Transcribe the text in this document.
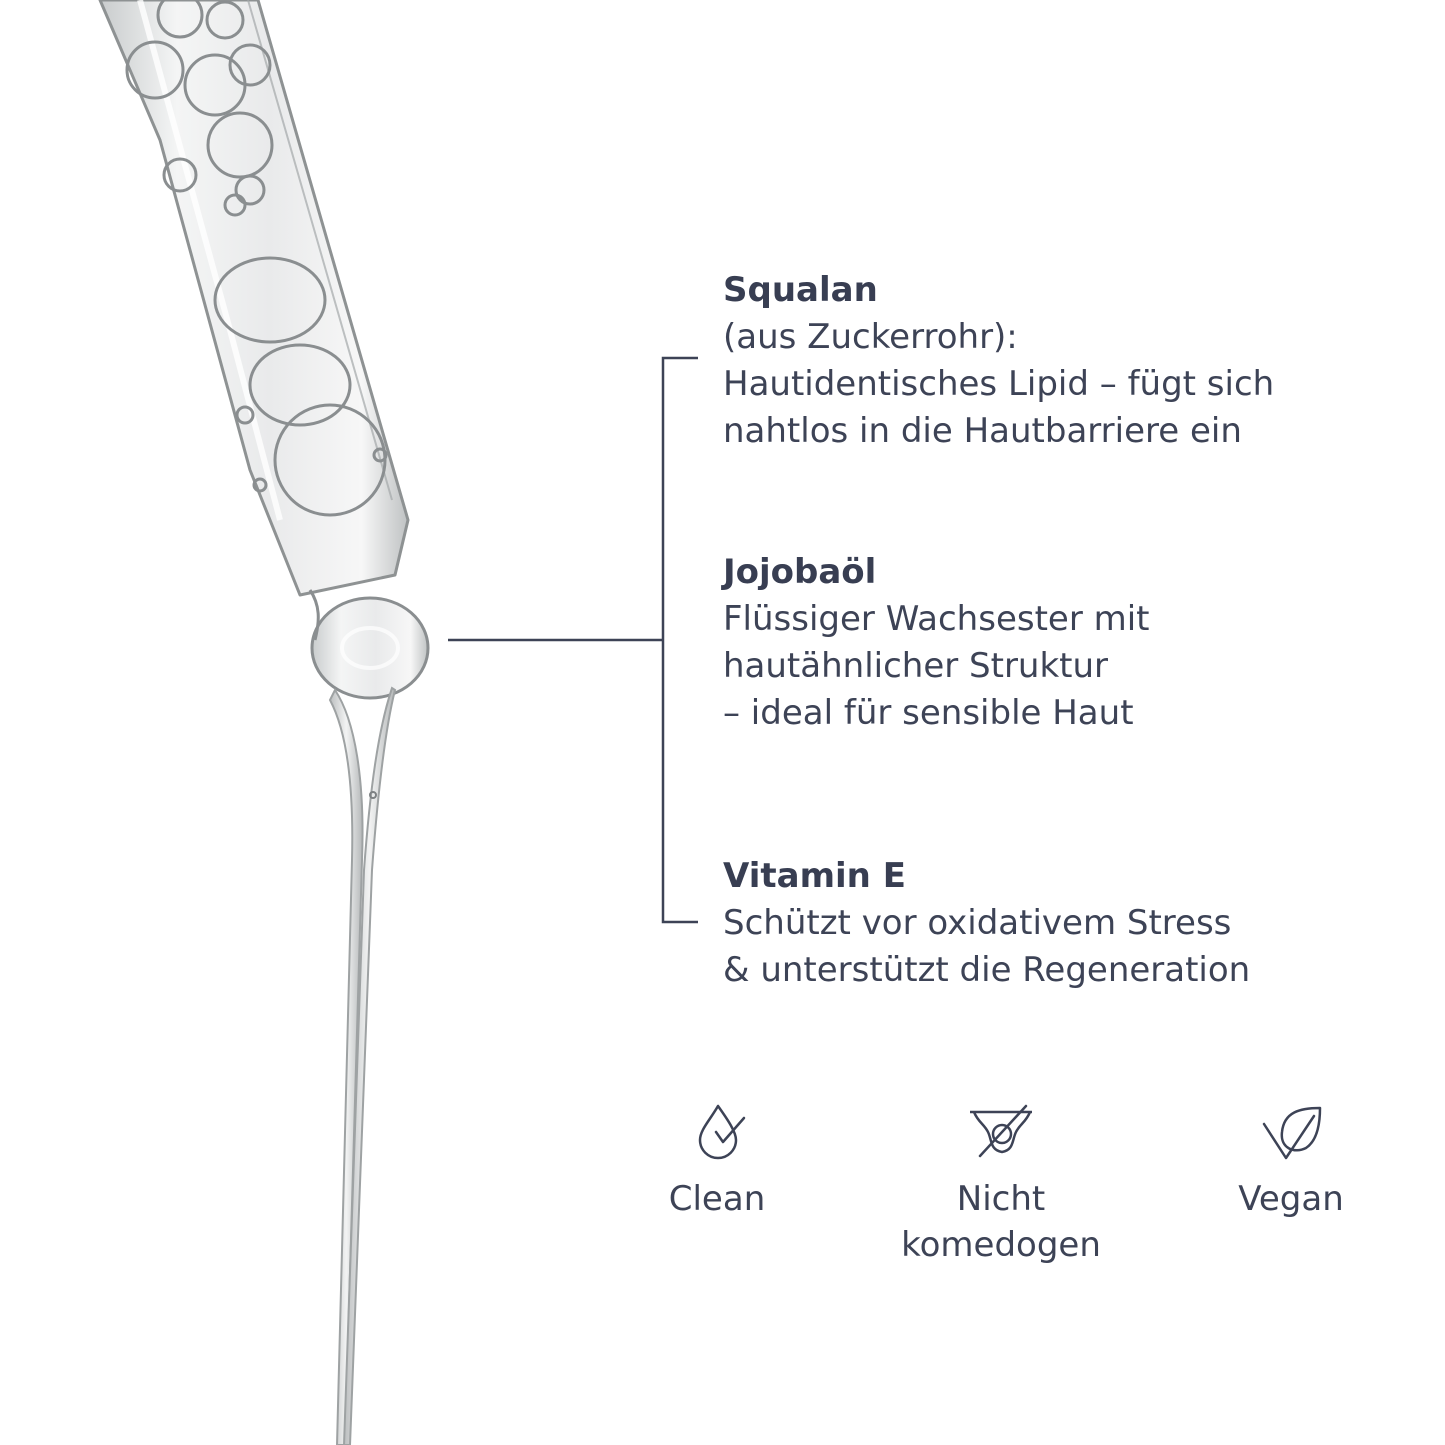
Squalan
(aus Zuckerrohr):
Hautidentisches Lipid – fügt sich
nahtlos in die Hautbarriere ein
Jojobaöl
Flüssiger Wachsester mit
hautähnlicher Struktur
– ideal für sensible Haut
Vitamin E
Schützt vor oxidativem Stress
& unterstützt die Regeneration
Clean	Nicht
komedogen
Vegan
